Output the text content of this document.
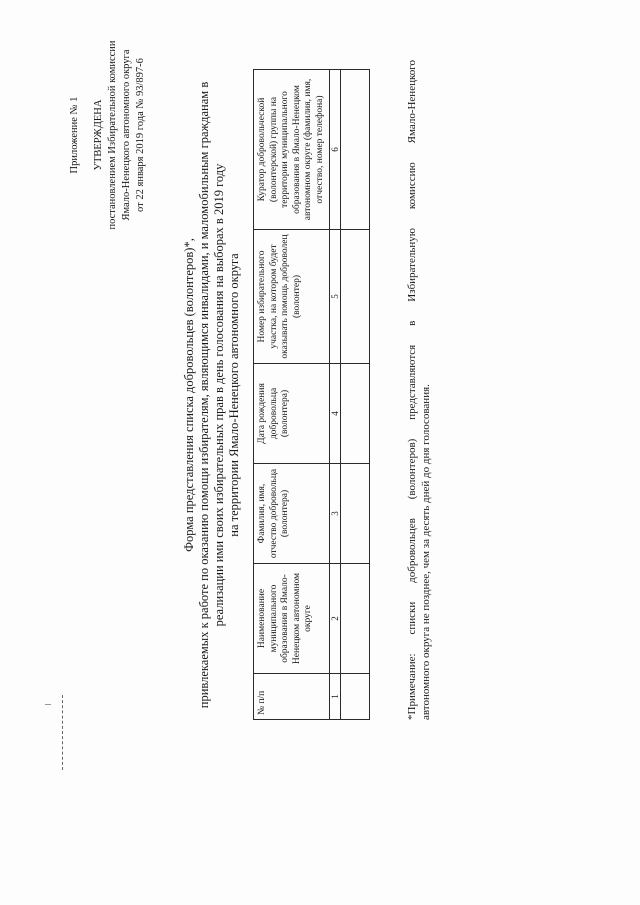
Приложение № 1 УТВЕРЖДЕНА постановлением Избирательной комиссии Ямало-Ненецкого автономного округа от 22 января 2019 года № 93/897-6
Форма представления списка добровольцев (волонтеров)*, привлекаемых к работе по оказанию помощи избирателям, являющимся инвалидами, и маломобильным гражданам в реализации ими своих избирательных прав в день голосования на выборах в 2019 году на территории Ямало-Ненецкого автономного округа
№ п/п	Наименование муниципального образования в Ямало-Ненецком автономном округе	Фамилия, имя, отчество добровольца (волонтера)	Дата рождения добровольца (волонтера)	Номер избирательного участка, на котором будет оказывать помощь доброволец (волонтер)	Куратор добровольческой (волонтерской) группы на территории муниципального образования в Ямало-Ненецком автономном округе (фамилия, имя, отчество, номер телефона)
1	2	3	4	5	6
						*Примечание: списки добровольцев (волонтеров) представляются в Избирательную комиссию Ямало-Ненецкого автономного округа не позднее, чем за десять дней до дня голосования.
